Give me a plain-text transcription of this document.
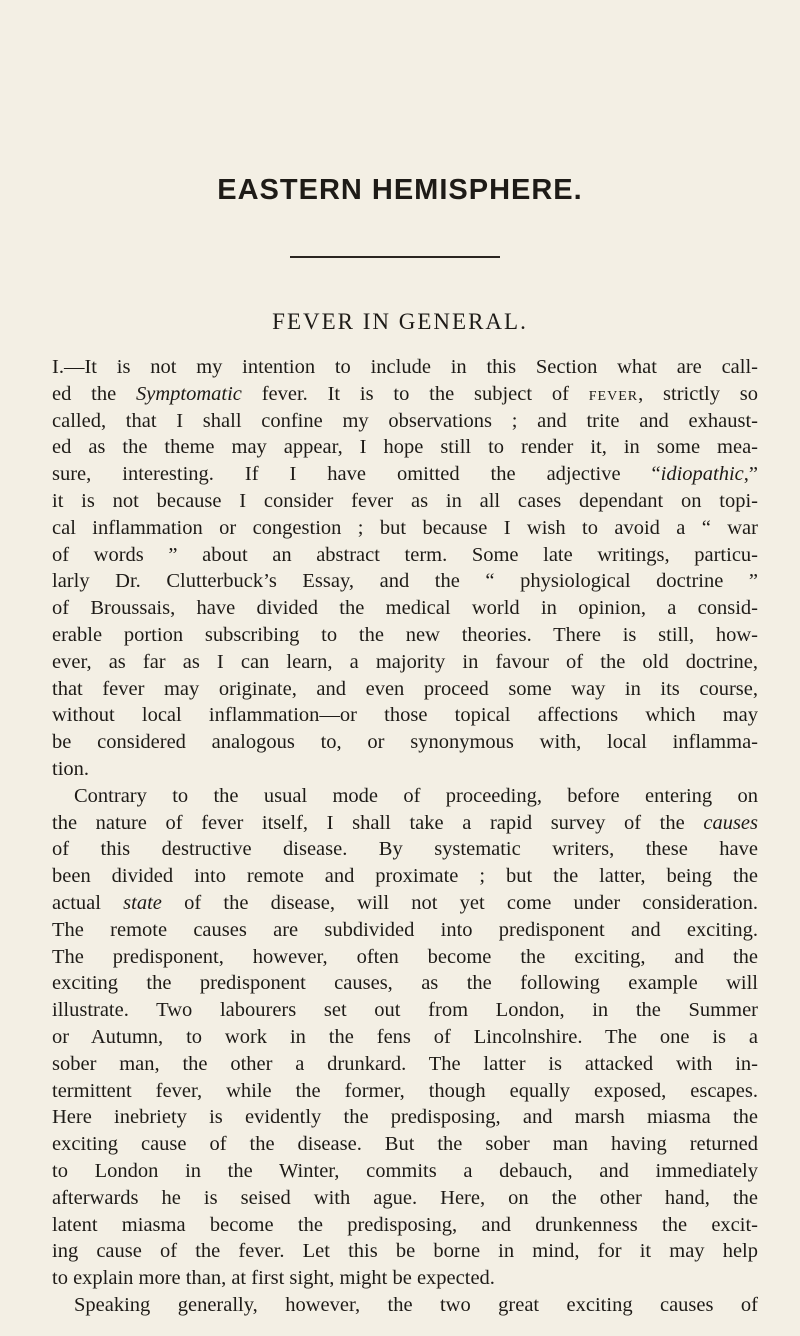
EASTERN HEMISPHERE.
FEVER IN GENERAL.
I.—It is not my intention to include in this Section what are call-
ed the Symptomatic fever. It is to the subject of fever, strictly so
called, that I shall confine my observations ; and trite and exhaust-
ed as the theme may appear, I hope still to render it, in some mea-
sure, interesting. If I have omitted the adjective “idiopathic,”
it is not because I consider fever as in all cases dependant on topi-
cal inflammation or congestion ; but because I wish to avoid a “ war
of words ” about an abstract term. Some late writings, particu-
larly Dr. Clutterbuck’s Essay, and the “ physiological doctrine ”
of Broussais, have divided the medical world in opinion, a consid-
erable portion subscribing to the new theories. There is still, how-
ever, as far as I can learn, a majority in favour of the old doctrine,
that fever may originate, and even proceed some way in its course,
without local inflammation—or those topical affections which may
be considered analogous to, or synonymous with, local inflamma-
tion.
Contrary to the usual mode of proceeding, before entering on
the nature of fever itself, I shall take a rapid survey of the causes
of this destructive disease. By systematic writers, these have
been divided into remote and proximate ; but the latter, being the
actual state of the disease, will not yet come under consideration.
The remote causes are subdivided into predisponent and exciting.
The predisponent, however, often become the exciting, and the
exciting the predisponent causes, as the following example will
illustrate. Two labourers set out from London, in the Summer
or Autumn, to work in the fens of Lincolnshire. The one is a
sober man, the other a drunkard. The latter is attacked with in-
termittent fever, while the former, though equally exposed, escapes.
Here inebriety is evidently the predisposing, and marsh miasma the
exciting cause of the disease. But the sober man having returned
to London in the Winter, commits a debauch, and immediately
afterwards he is seised with ague. Here, on the other hand, the
latent miasma become the predisposing, and drunkenness the excit-
ing cause of the fever. Let this be borne in mind, for it may help
to explain more than, at first sight, might be expected.
Speaking generally, however, the two great exciting causes of
